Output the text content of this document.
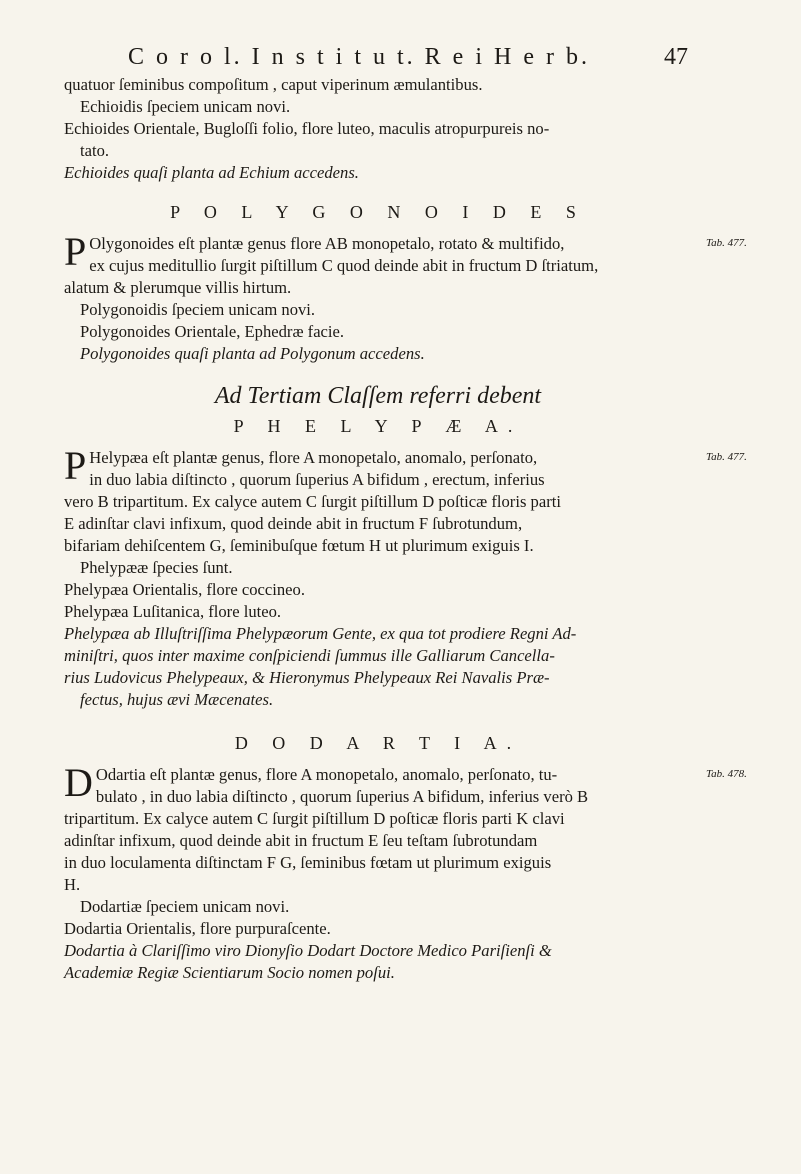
C o r o l. I n s t i t u t. R e i H e r b.	47

quatuor ſeminibus compoſitum , caput viperinum æmulantibus.

Echioidis ſpeciem unicam novi.

Echioides Orientale, Bugloſſi folio, flore luteo, maculis atropurpureis no-

tato.

Echioides quaſi planta ad Echium accedens.

P O L Y G O N O I D E S
Tab. 477.
P Olygonoides eſt plantæ genus flore AB monopetalo, rotato & multifido,

ex cujus meditullio ſurgit piſtillum C quod deinde abit in fructum D ſtriatum,

alatum & plerumque villis hirtum.

Polygonoidis ſpeciem unicam novi.

Polygonoides Orientale, Ephedræ facie.

Polygonoides quaſi planta ad Polygonum accedens.

Ad Tertiam Claſſem referri debent
P H E L Y P Æ A.
Tab. 477.
P Helypæa eſt plantæ genus, flore A monopetalo, anomalo, perſonato,

in duo labia diſtincto , quorum ſuperius A bifidum , erectum, inferius

vero B tripartitum. Ex calyce autem C ſurgit piſtillum D poſticæ floris parti

E adinſtar clavi infixum, quod deinde abit in fructum F ſubrotundum,

bifariam dehiſcentem G, ſeminibuſque fœtum H ut plurimum exiguis I.

Phelypææ ſpecies ſunt.

Phelypæa Orientalis, flore coccineo.

Phelypæa Luſitanica, flore luteo.

Phelypæa ab Illuſtriſſima Phelypæorum Gente, ex qua tot prodiere Regni Ad-

miniſtri, quos inter maxime conſpiciendi ſummus ille Galliarum Cancella-

rius Ludovicus Phelypeaux, & Hieronymus Phelypeaux Rei Navalis Præ-

fectus, hujus ævi Mæcenates.

D O D A R T I A.
Tab. 478.
D Odartia eſt plantæ genus, flore A monopetalo, anomalo, perſonato, tu-

bulato , in duo labia diſtincto , quorum ſuperius A bifidum, inferius verò B

tripartitum. Ex calyce autem C ſurgit piſtillum D poſticæ floris parti K clavi

adinſtar infixum, quod deinde abit in fructum E ſeu teſtam ſubrotundam

in duo loculamenta diſtinctam F G, ſeminibus fœtam ut plurimum exiguis

H.

Dodartiæ ſpeciem unicam novi.

Dodartia Orientalis, flore purpuraſcente.

Dodartia à Clariſſimo viro Dionyſio Dodart Doctore Medico Pariſienſi &

Academiæ Regiæ Scientiarum Socio nomen poſui.
